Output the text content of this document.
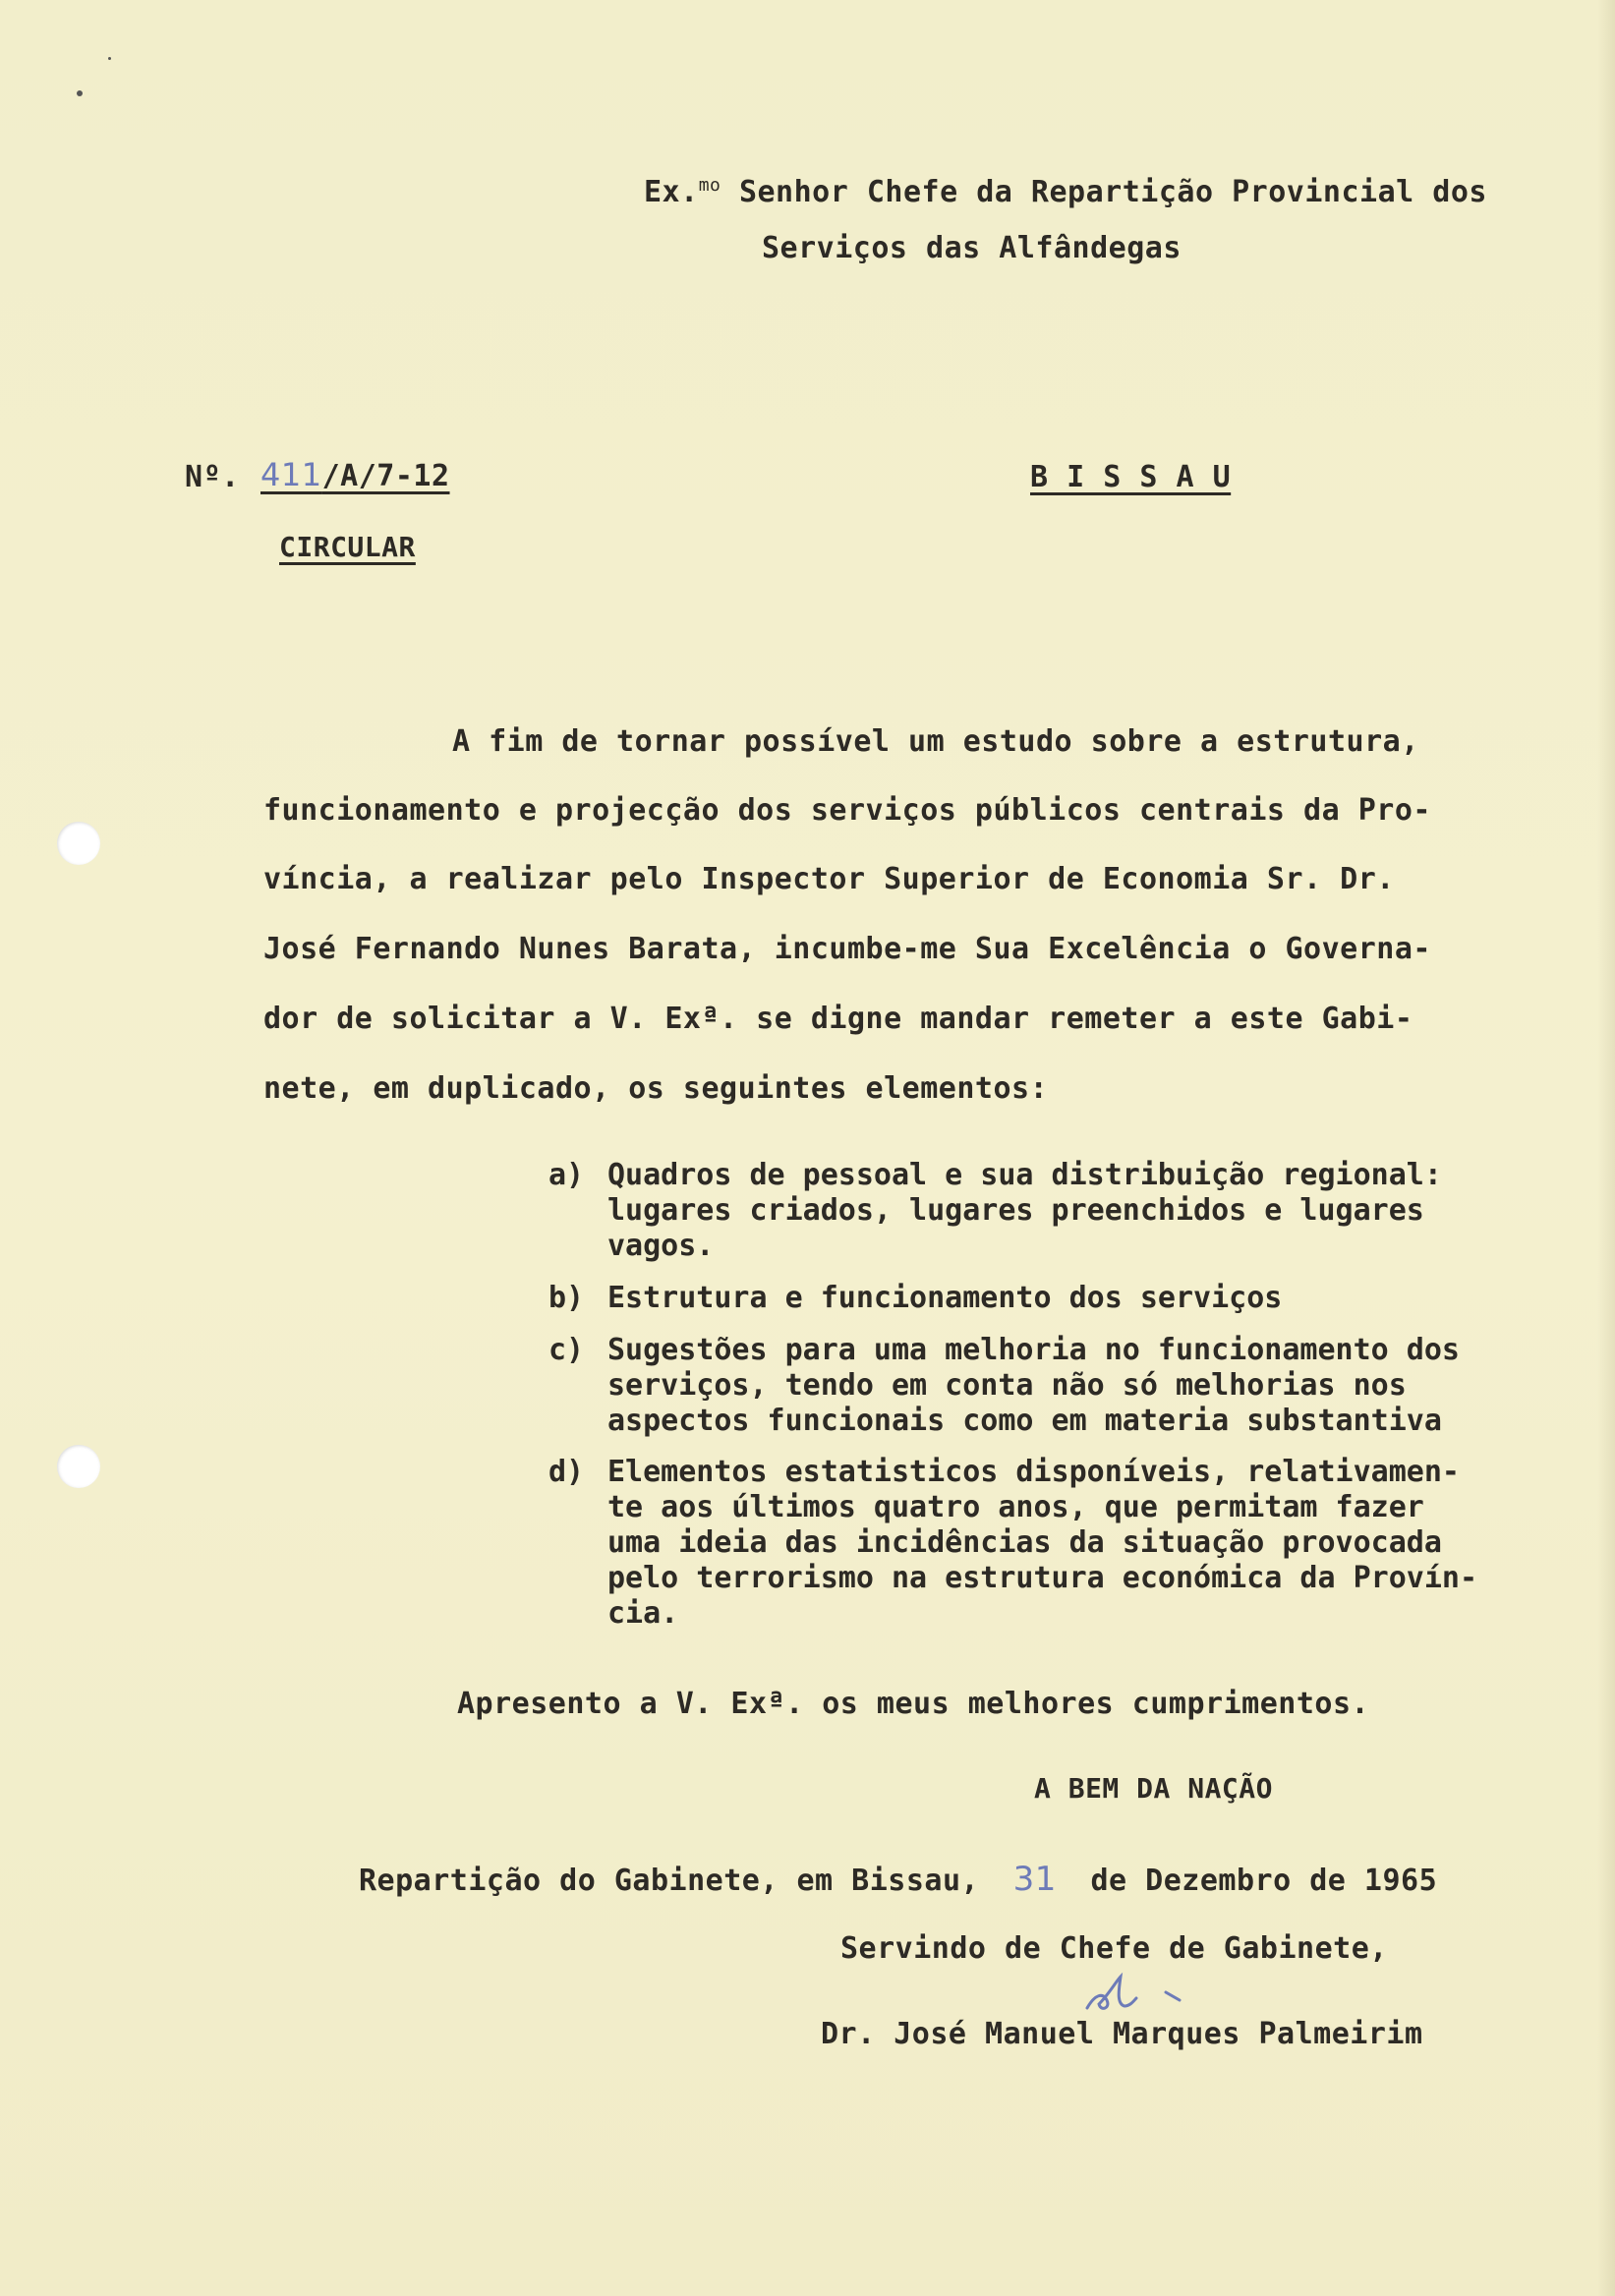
Ex.$^{mo}$ Senhor Chefe da Repartição Provincial dos
Serviços das Alfândegas
Nº. 411/A/7-12	B I S S A U
CIRCULAR
A fim de tornar possível um estudo sobre a estrutura,
funcionamento e projecção dos serviços públicos centrais da Pro-
víncia, a realizar pelo Inspector Superior de Economia Sr. Dr.
José Fernando Nunes Barata, incumbe-me Sua Excelência o Governa-
dor de solicitar a V. Exª. se digne mandar remeter a este Gabi-
nete, em duplicado, os seguintes elementos:
a) Quadros de pessoal e sua distribuição regional:
lugares criados, lugares preenchidos e lugares
vagos.
b) Estrutura e funcionamento dos serviços
c) Sugestões para uma melhoria no funcionamento dos
serviços, tendo em conta não só melhorias nos
aspectos funcionais como em materia substantiva
d) Elementos estatisticos disponíveis, relativamen-
te aos últimos quatro anos, que permitam fazer
uma ideia das incidências da situação provocada
pelo terrorismo na estrutura económica da Provín-
cia.
Apresento a V. Exª. os meus melhores cumprimentos.
A BEM DA NAÇÃO
Repartição do Gabinete, em Bissau, 31 de Dezembro de 1965
Servindo de Chefe de Gabinete,
Dr. José Manuel Marques Palmeirim
